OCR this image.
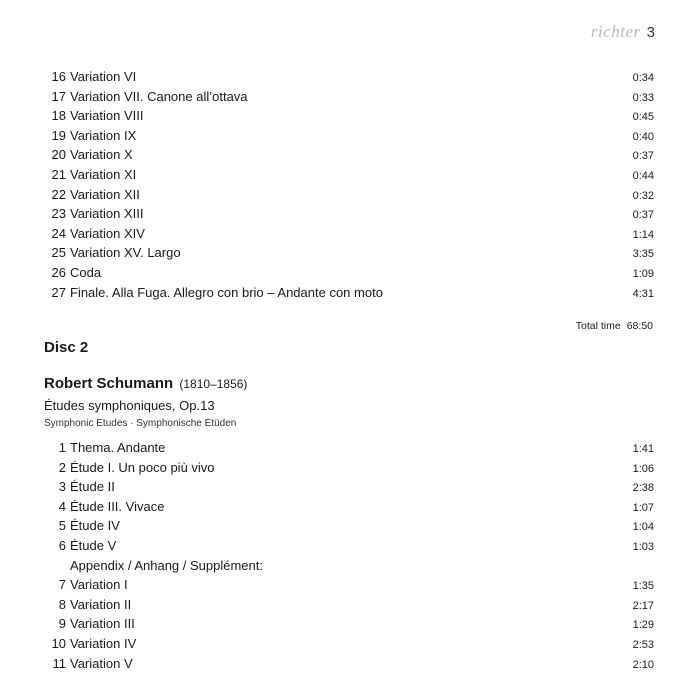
richter 3
16 Variation VI	0:34
17 Variation VII. Canone all’ottava	0:33
18 Variation VIII	0:45
19 Variation IX	0:40
20 Variation X	0:37
21 Variation XI	0:44
22 Variation XII	0:32
23 Variation XIII	0:37
24 Variation XIV	1:14
25 Variation XV. Largo	3:35
26 Coda	1:09
27 Finale. Alla Fuga. Allegro con brio – Andante con moto	4:31
Total time 68:50
Disc 2
Robert Schumann (1810–1856)
Études symphoniques, Op.13
Symphonic Etudes · Symphonische Etüden
1 Thema. Andante	1:41
2 Étude I. Un poco più vivo	1:06
3 Étude II	2:38
4 Étude III. Vivace	1:07
5 Étude IV	1:04
6 Étude V	1:03
Appendix / Anhang / Supplément:
7 Variation I	1:35
8 Variation II	2:17
9 Variation III	1:29
10 Variation IV	2:53
11 Variation V	2:10
